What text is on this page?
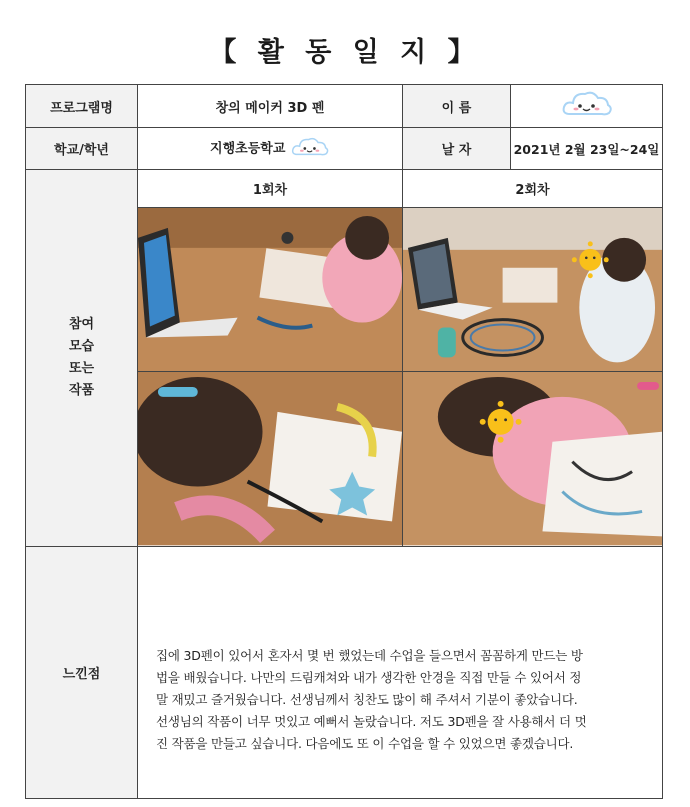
【 활 동 일 지 】
프로그램명	창의 메이커 3D 펜	이 름	
학교/학년	지행초등학교	날 자	2021년 2월 23일~24일

참여
모습
또는
작품	1회차	2회차	

느낀점	집에 3D펜이 있어서 혼자서 몇 번 했었는데 수업을 들으면서 꼼꼼하게 만드는 방
법을 배웠습니다. 나만의 드림캐쳐와 내가 생각한 안경을 직접 만들 수 있어서 정
말 재밌고 즐거웠습니다. 선생님께서 칭찬도 많이 해 주셔서 기분이 좋았습니다.
선생님의 작품이 너무 멋있고 예뻐서 놀랐습니다. 저도 3D펜을 잘 사용해서 더 멋
진 작품을 만들고 싶습니다. 다음에도 또 이 수업을 할 수 있었으면 좋겠습니다.		
